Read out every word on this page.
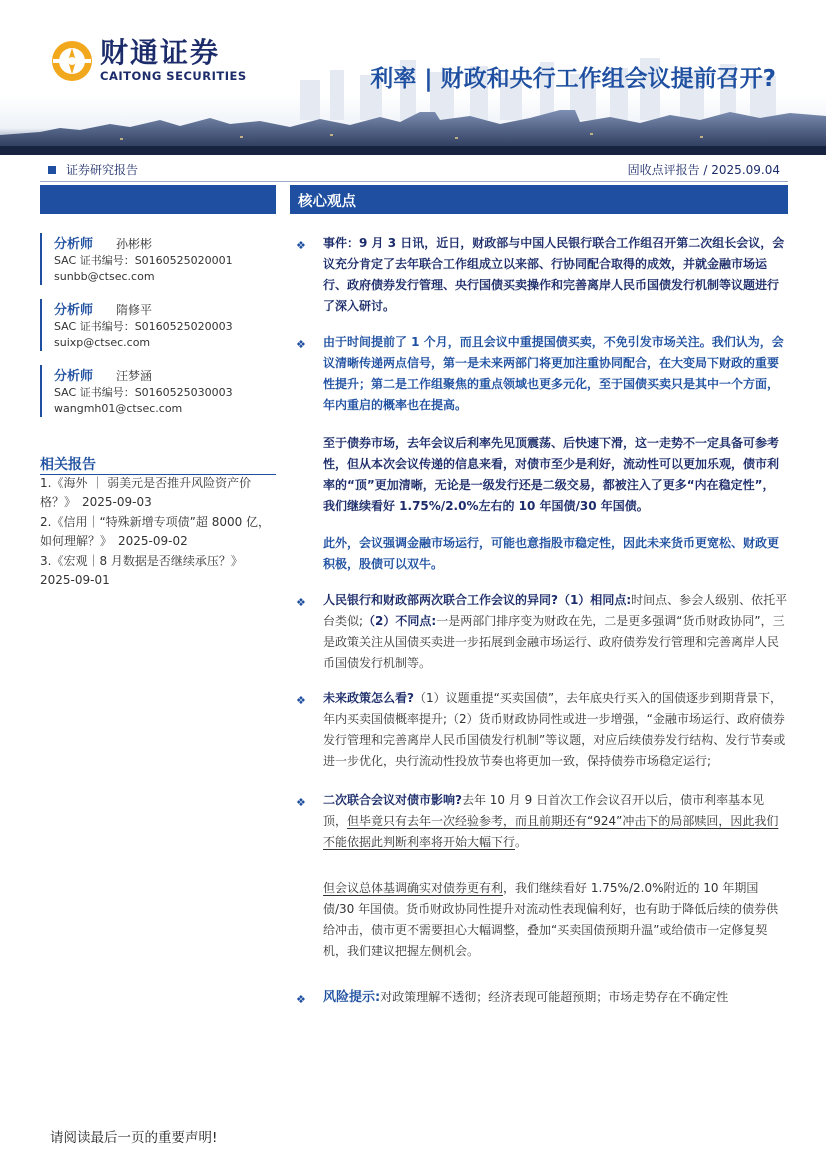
财通证券
CAITONG SECURITIES	利率 | 财政和央行工作组会议提前召开?
证券研究报告	固收点评报告 / 2025.09.04
分析师	孙彬彬
SAC 证书编号：S0160525020001
sunbb@ctsec.com
分析师	隋修平
SAC 证书编号：S0160525020003
suixp@ctsec.com
分析师	汪梦涵
SAC 证书编号：S0160525030003
wangmh01@ctsec.com
相关报告
1.《海外 ｜ 弱美元是否推升风险资产价格？》　2025-09-03
2.《信用｜“特殊新增专项债”超 8000 亿，如何理解？》　2025-09-02
3.《宏观｜8 月数据是否继续承压？》　2025-09-01
核心观点
❖ 事件：9 月 3 日讯，近日，财政部与中国人民银行联合工作组召开第二次组长会议，会议充分肯定了去年联合工作组成立以来部、行协同配合取得的成效，并就金融市场运行、政府债券发行管理、央行国债买卖操作和完善离岸人民币国债发行机制等议题进行了深入研讨。
❖ 由于时间提前了 1 个月，而且会议中重提国债买卖，不免引发市场关注。我们认为，会议清晰传递两点信号，第一是未来两部门将更加注重协同配合，在大变局下财政的重要性提升；第二是工作组聚焦的重点领域也更多元化，至于国债买卖只是其中一个方面，年内重启的概率也在提高。
至于债券市场，去年会议后利率先见顶震荡、后快速下滑，这一走势不一定具备可参考性，但从本次会议传递的信息来看，对债市至少是利好，流动性可以更加乐观，债市利率的“顶”更加清晰，无论是一级发行还是二级交易，都被注入了更多“内在稳定性”，　我们继续看好 1.75%/2.0%左右的 10 年国债/30 年国债。
此外，会议强调金融市场运行，可能也意指股市稳定性，因此未来货币更宽松、财政更积极，股债可以双牛。
❖ 人民银行和财政部两次联合工作会议的异同?（1）相同点:时间点、参会人级别、依托平台类似;（2）不同点:一是两部门排序变为财政在先，二是更多强调“货币财政协同”，三是政策关注从国债买卖进一步拓展到金融市场运行、政府债券发行管理和完善离岸人民币国债发行机制等。
❖ 未来政策怎么看?（1）议题重提“买卖国债”，去年底央行买入的国债逐步到期背景下，年内买卖国债概率提升;（2）货币财政协同性或进一步增强，“金融市场运行、政府债券发行管理和完善离岸人民币国债发行机制”等议题，对应后续债券发行结构、发行节奏或进一步优化，央行流动性投放节奏也将更加一致，保持债券市场稳定运行;
❖ 二次联合会议对债市影响?去年 10 月 9 日首次工作会议召开以后，债市利率基本见顶，但毕竟只有去年一次经验参考，而且前期还有“924”冲击下的局部赎回，因此我们不能依据此判断利率将开始大幅下行。
但会议总体基调确实对债券更有利，我们继续看好 1.75%/2.0%附近的 10 年期国债/30 年国债。货币财政协同性提升对流动性表现偏利好，也有助于降低后续的债券供给冲击，债市更不需要担心大幅调整，叠加“买卖国债预期升温”或给债市一定修复契机，我们建议把握左侧机会。
❖ 风险提示:对政策理解不透彻；经济表现可能超预期；市场走势存在不确定性
请阅读最后一页的重要声明!
